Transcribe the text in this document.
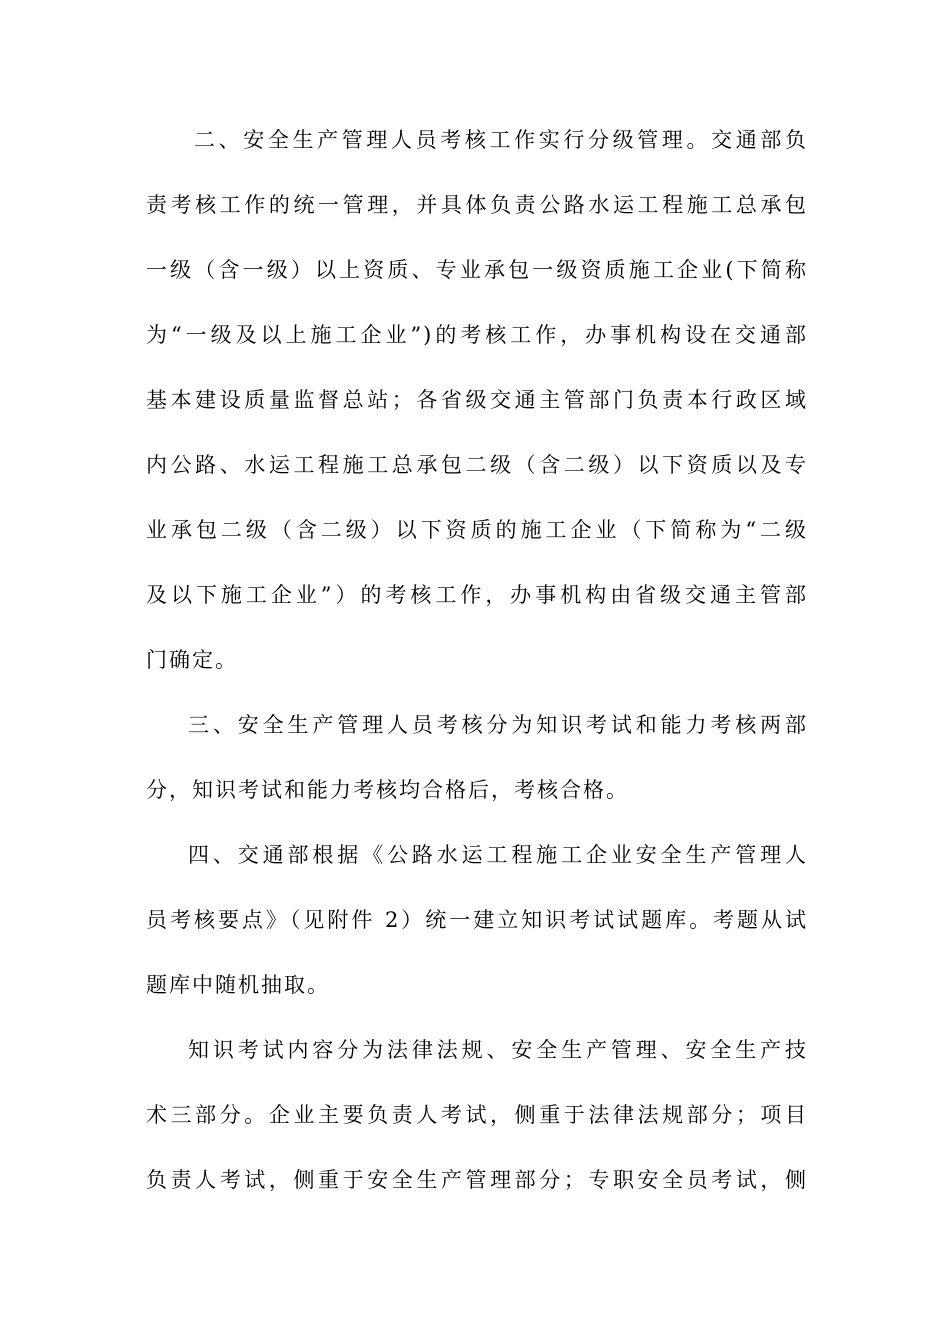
二、安全生产管理人员考核工作实行分级管理。交通部负
责考核工作的统一管理，并具体负责公路水运工程施工总承包
一级（含一级）以上资质、专业承包一级资质施工企业(下简称
为“一级及以上施工企业”)的考核工作，办事机构设在交通部
基本建设质量监督总站；各省级交通主管部门负责本行政区域
内公路、水运工程施工总承包二级（含二级）以下资质以及专
业承包二级（含二级）以下资质的施工企业（下简称为“二级
及以下施工企业”）的考核工作，办事机构由省级交通主管部
门确定。
三、安全生产管理人员考核分为知识考试和能力考核两部
分，知识考试和能力考核均合格后，考核合格。
四、交通部根据《公路水运工程施工企业安全生产管理人
员考核要点》（见附件 2）统一建立知识考试试题库。考题从试
题库中随机抽取。
知识考试内容分为法律法规、安全生产管理、安全生产技
术三部分。企业主要负责人考试，侧重于法律法规部分；项目
负责人考试，侧重于安全生产管理部分；专职安全员考试，侧
